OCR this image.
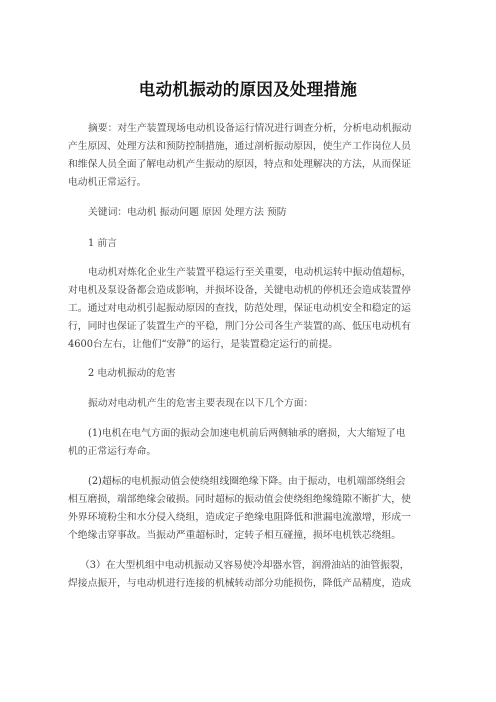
电动机振动的原因及处理措施
摘要：对生产装置现场电动机设备运行情况进行调查分析，分析电动机振动
产生原因、处理方法和预防控制措施，通过剖析振动原因，使生产工作岗位人员
和维保人员全面了解电动机产生振动的原因，特点和处理解决的方法，从而保证
电动机正常运行。
关键词：电动机 振动问题 原因 处理方法 预防
1 前言
电动机对炼化企业生产装置平稳运行至关重要，电动机运转中振动值超标，
对电机及泵设备都会造成影响，并损坏设备，关键电动机的停机还会造成装置停
工。通过对电动机引起振动原因的查找，防范处理，保证电动机安全和稳定的运
行，同时也保证了装置生产的平稳，荆门分公司各生产装置的高、低压电动机有
4600台左右，让他们“安静”的运行，是装置稳定运行的前提。
2 电动机振动的危害
振动对电动机产生的危害主要表现在以下几个方面：
(1)电机在电气方面的振动会加速电机前后两侧轴承的磨损，大大缩短了电
机的正常运行寿命。
(2)超标的电机振动值会使绕组线圈绝缘下降。由于振动，电机端部绕组会
相互磨损，端部绝缘会破损。同时超标的振动值会使绕组绝缘缝隙不断扩大，使
外界环境粉尘和水分侵入绕组，造成定子绝缘电阻降低和泄漏电流激增，形成一
个绝缘击穿事故。当振动严重超标时，定转子相互碰撞，损坏电机铁芯绕组。
（3）在大型机组中电动机振动又容易使冷却器水管，润滑油站的油管振裂，
焊接点振开，与电动机进行连接的机械转动部分功能损伤，降低产品精度，造成
